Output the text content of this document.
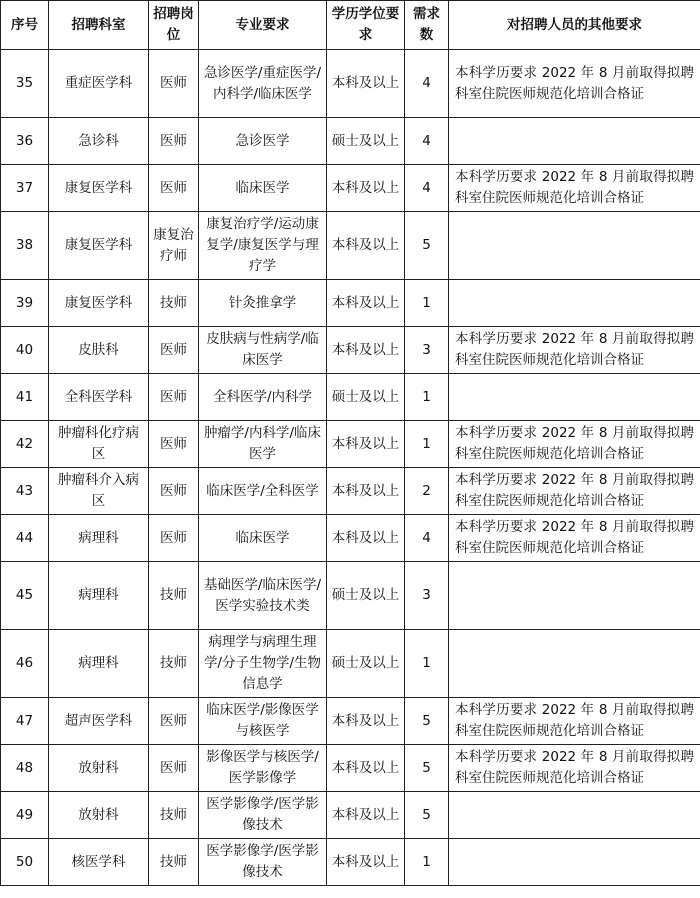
序号	招聘科室	招聘岗位	专业要求	学历学位要求	需求数	对招聘人员的其他要求
35	重症医学科	医师	急诊医学/重症医学/内科学/临床医学	本科及以上	4	本科学历要求 2022 年 8 月前取得拟聘科室住院医师规范化培训合格证
36	急诊科	医师	急诊医学	硕士及以上	4	
37	康复医学科	医师	临床医学	本科及以上	4	本科学历要求 2022 年 8 月前取得拟聘科室住院医师规范化培训合格证
38	康复医学科	康复治疗师	康复治疗学/运动康复学/康复医学与理疗学	本科及以上	5	
39	康复医学科	技师	针灸推拿学	本科及以上	1	
40	皮肤科	医师	皮肤病与性病学/临床医学	本科及以上	3	本科学历要求 2022 年 8 月前取得拟聘科室住院医师规范化培训合格证
41	全科医学科	医师	全科医学/内科学	硕士及以上	1	
42	肿瘤科化疗病区	医师	肿瘤学/内科学/临床医学	本科及以上	1	本科学历要求 2022 年 8 月前取得拟聘科室住院医师规范化培训合格证
43	肿瘤科介入病区	医师	临床医学/全科医学	本科及以上	2	本科学历要求 2022 年 8 月前取得拟聘科室住院医师规范化培训合格证
44	病理科	医师	临床医学	本科及以上	4	本科学历要求 2022 年 8 月前取得拟聘科室住院医师规范化培训合格证
45	病理科	技师	基础医学/临床医学/医学实验技术类	硕士及以上	3	
46	病理科	技师	病理学与病理生理学/分子生物学/生物信息学	硕士及以上	1	
47	超声医学科	医师	临床医学/影像医学与核医学	本科及以上	5	本科学历要求 2022 年 8 月前取得拟聘科室住院医师规范化培训合格证
48	放射科	医师	影像医学与核医学/医学影像学	本科及以上	5	本科学历要求 2022 年 8 月前取得拟聘科室住院医师规范化培训合格证
49	放射科	技师	医学影像学/医学影像技术	本科及以上	5	
50	核医学科	技师	医学影像学/医学影像技术	本科及以上	1	
